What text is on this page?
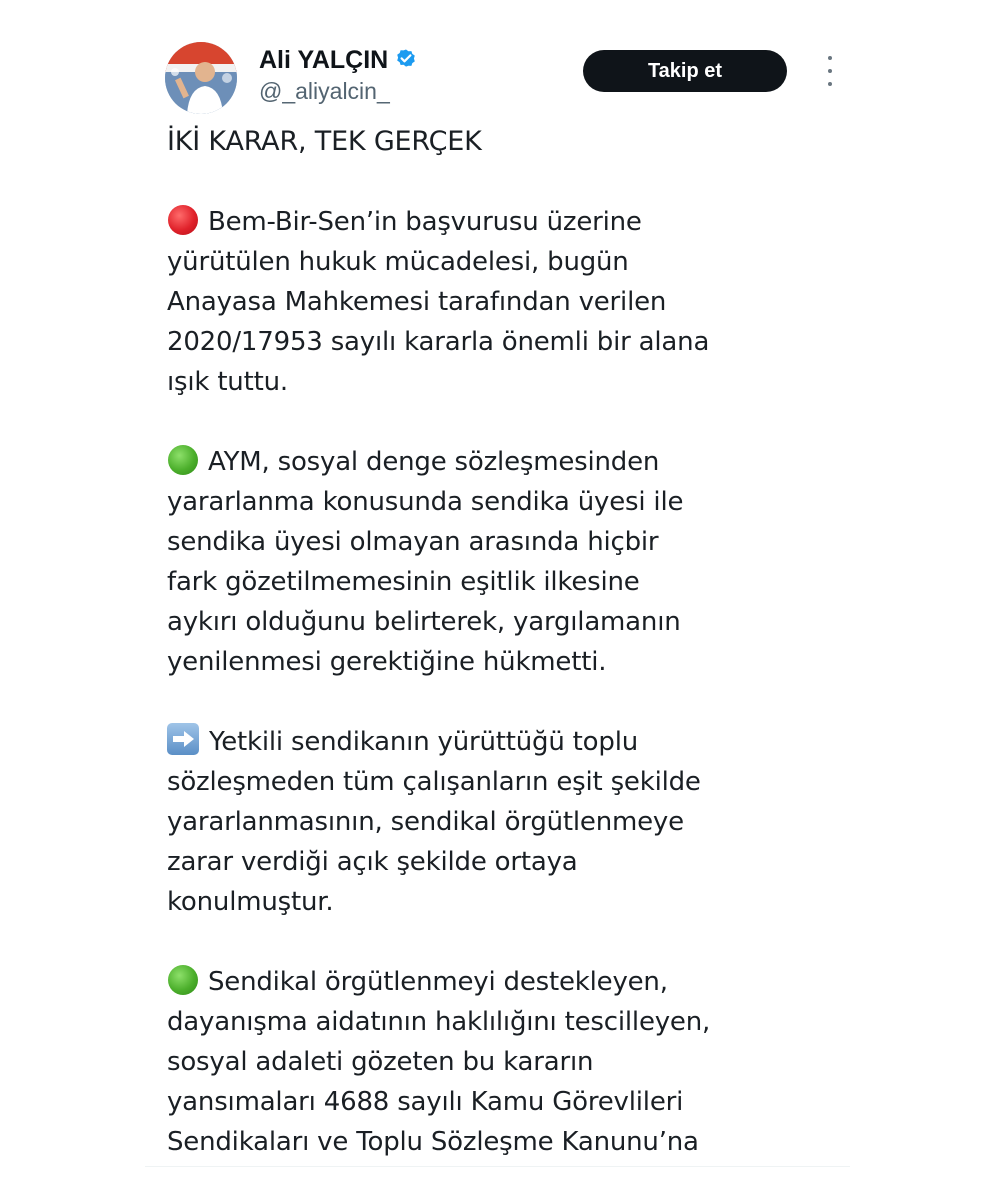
Ali YALÇIN
@_aliyalcin_
Takip et

İKİ KARAR, TEK GERÇEK

Bem-Bir-Sen’in başvurusu üzerine
yürütülen hukuk mücadelesi, bugün
Anayasa Mahkemesi tarafından verilen
2020/17953 sayılı kararla önemli bir alana
ışık tuttu.
AYM, sosyal denge sözleşmesinden
yararlanma konusunda sendika üyesi ile
sendika üyesi olmayan arasında hiçbir
fark gözetilmemesinin eşitlik ilkesine
aykırı olduğunu belirterek, yargılamanın
yenilenmesi gerektiğine hükmetti.
Yetkili sendikanın yürüttüğü toplu
sözleşmeden tüm çalışanların eşit şekilde
yararlanmasının, sendikal örgütlenmeye
zarar verdiği açık şekilde ortaya
konulmuştur.
Sendikal örgütlenmeyi destekleyen,
dayanışma aidatının haklılığını tescilleyen,
sosyal adaleti gözeten bu kararın
yansımaları 4688 sayılı Kamu Görevlileri
Sendikaları ve Toplu Sözleşme Kanunu’na
